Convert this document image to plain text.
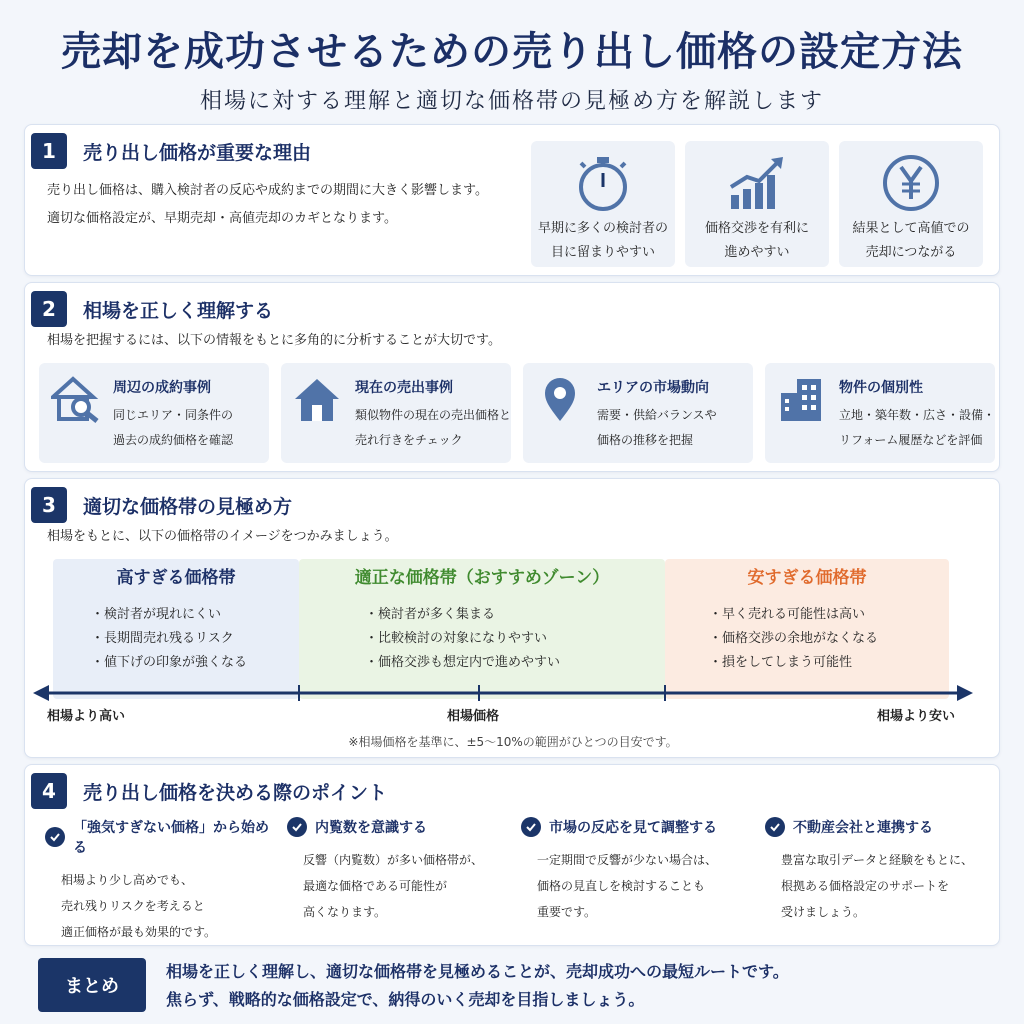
売却を成功させるための売り出し価格の設定方法
相場に対する理解と適切な価格帯の見極め方を解説します
1	売り出し価格が重要な理由
売り出し価格は、購入検討者の反応や成約までの期間に大きく影響します。
適切な価格設定が、早期売却・高値売却のカギとなります。
早期に多くの検討者の
目に留まりやすい
価格交渉を有利に
進めやすい
結果として高値での
売却につながる
2	相場を正しく理解する
相場を把握するには、以下の情報をもとに多角的に分析することが大切です。
周辺の成約事例
同じエリア・同条件の
過去の成約価格を確認
現在の売出事例
類似物件の現在の売出価格と
売れ行きをチェック
エリアの市場動向
需要・供給バランスや
価格の推移を把握
物件の個別性
立地・築年数・広さ・設備・
リフォーム履歴などを評価
3	適切な価格帯の見極め方
相場をもとに、以下の価格帯のイメージをつかみましょう。
高すぎる価格帯
・検討者が現れにくい
・長期間売れ残るリスク
・値下げの印象が強くなる
適正な価格帯（おすすめゾーン）
・検討者が多く集まる
・比較検討の対象になりやすい
・価格交渉も想定内で進めやすい
安すぎる価格帯
・早く売れる可能性は高い
・価格交渉の余地がなくなる
・損をしてしまう可能性
相場より高い	相場価格	相場より安い
※相場価格を基準に、±5〜10%の範囲がひとつの目安です。
4	売り出し価格を決める際のポイント
「強気すぎない価格」から始める
相場より少し高めでも、
売れ残りリスクを考えると
適正価格が最も効果的です。
内覧数を意識する
反響（内覧数）が多い価格帯が、
最適な価格である可能性が
高くなります。
市場の反応を見て調整する
一定期間で反響が少ない場合は、
価格の見直しを検討することも
重要です。
不動産会社と連携する
豊富な取引データと経験をもとに、
根拠ある価格設定のサポートを
受けましょう。
まとめ
相場を正しく理解し、適切な価格帯を見極めることが、売却成功への最短ルートです。
焦らず、戦略的な価格設定で、納得のいく売却を目指しましょう。
